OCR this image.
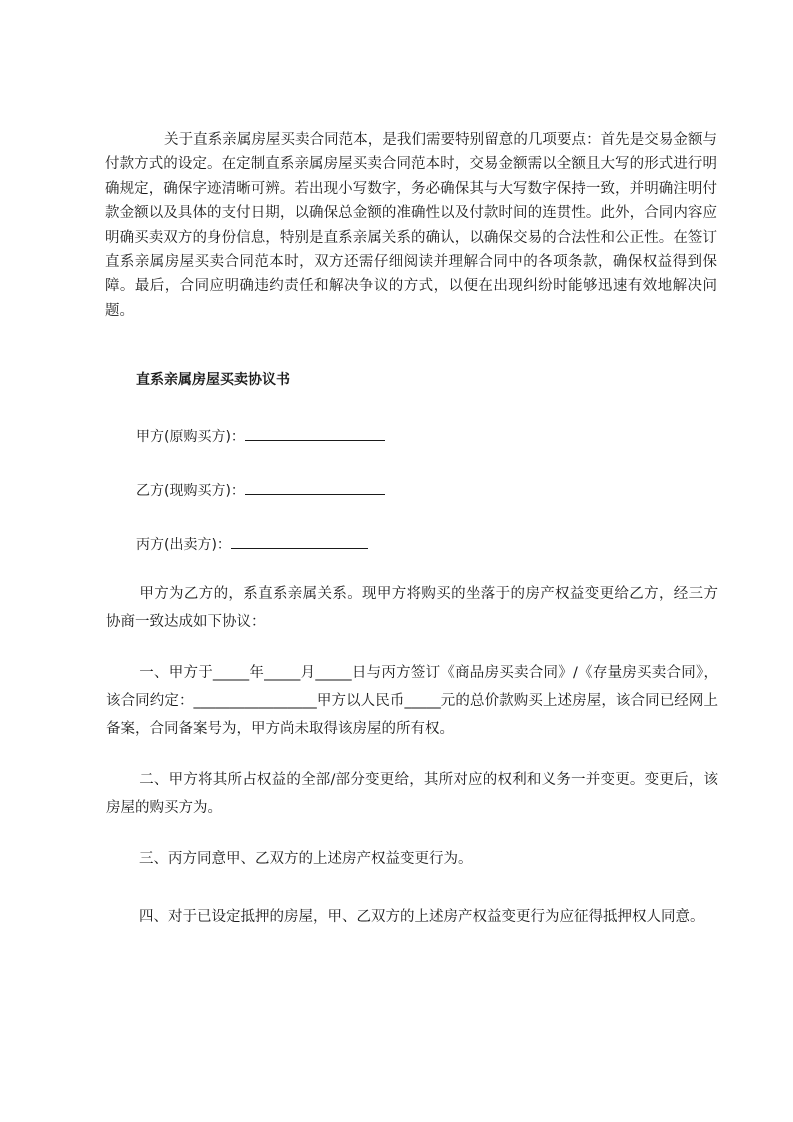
关于直系亲属房屋买卖合同范本，是我们需要特别留意的几项要点：首先是交易金额与付款方式的设定。在定制直系亲属房屋买卖合同范本时，交易金额需以全额且大写的形式进行明确规定，确保字迹清晰可辨。若出现小写数字，务必确保其与大写数字保持一致，并明确注明付款金额以及具体的支付日期，以确保总金额的准确性以及付款时间的连贯性。此外，合同内容应明确买卖双方的身份信息，特别是直系亲属关系的确认，以确保交易的合法性和公正性。在签订直系亲属房屋买卖合同范本时，双方还需仔细阅读并理解合同中的各项条款，确保权益得到保障。最后，合同应明确违约责任和解决争议的方式，以便在出现纠纷时能够迅速有效地解决问题。

直系亲属房屋买卖协议书

甲方(原购买方)：

乙方(现购买方)：

丙方(出卖方)：

甲方为乙方的，系直系亲属关系。现甲方将购买的坐落于的房产权益变更给乙方，经三方协商一致达成如下协议：

一、甲方于_____年_____月_____日与丙方签订《商品房买卖合同》/《存量房买卖合同》，该合同约定：_________________甲方以人民币_____元的总价款购买上述房屋，该合同已经网上备案，合同备案号为，甲方尚未取得该房屋的所有权。

二、甲方将其所占权益的全部/部分变更给，其所对应的权利和义务一并变更。变更后，该房屋的购买方为。

三、丙方同意甲、乙双方的上述房产权益变更行为。

四、对于已设定抵押的房屋，甲、乙双方的上述房产权益变更行为应征得抵押权人同意。
